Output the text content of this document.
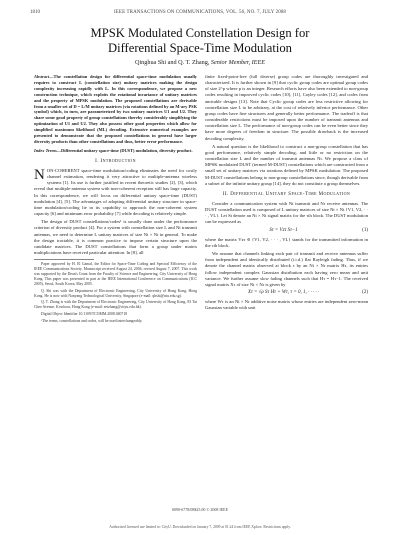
1810	IEEE TRANSACTIONS ON COMMUNICATIONS, VOL. 56, NO. 7, JULY 2008
MPSK Modulated Constellation Design for
Differential Space-Time Modulation
Qinghua Shi and Q. T. Zhang, Senior Member, IEEE
Abstract—The constellation design for differential space-time modulation usually requires to construct L (constellation size) unitary matrices making the design complexity increasing rapidly with L. In this correspondence, we propose a new construction technique, which exploits the rotational invariance of unitary matrices and the property of MPSK modulation. The proposed constellations are derivable from a smaller set of D = L/M unitary matrices (via rotations defined by an M-ary PSK symbol) which, in turn, are parameterized by two unitary matrices U1 and U2. They share some good property of group constellations thereby considerably simplifying the optimization of U1 and U2. They also possess other good properties which allow for simplified maximum likelihood (ML) decoding. Extensive numerical examples are presented to demonstrate that the proposed constellations in general have larger diversity products than other constellations and thus, better error performance.
Index Terms—Differential unitary space-time (DUST) modulation, diversity product.
I. Introduction

NON-COHERENT space-time modulation/coding eliminates the need for costly channel estimation, rendering it very attractive to multiple-antenna wireless systems [1]. Its use is further justified in recent theoretic studies [2], [3], which reveal that multiple-antenna system with non-coherent reception still has large capacity. In this correspondence, we will focus on differential unitary space-time (DUST) modulation [4], [5]. The advantages of adopting differential unitary structure in space-time modulation/coding lie in its capability to approach the non-coherent system capacity [6] and minimum error probability [7] while decoding is relatively simple.

The design of DUST constellations/codes¹ is usually done under the performance criterion of diversity product [4]. For a system with constellation size L and Nt transmit antennas, we need to determine L unitary matrices of size Nt × Nt in general. To make the design tractable, it is common practice to impose certain structure upon the candidate matrices. The DUST constellations that form a group under matrix multiplications have received particular attention. In [8], all

Paper approved by H. El Gamal, the Editor for Space-Time Coding and Spectral Efficiency of the IEEE Communications Society. Manuscript received August 24, 2004; revised August 7, 2007. This work was supported by the Dean's Grant from the Faculty of Science and Engineering, City University of Hong Kong. This paper was presented in part at the IEEE International Conference on Communications (ICC 2005), Seoul, South Korea, May 2005.

Q. Shi was with the Department of Electronic Engineering, City University of Hong Kong, Hong Kong. He is now with Nanyang Technological University, Singapore (e-mail: qhshi@ntu.edu.sg).

Q. T. Zhang is with the Department of Electronic Engineering, City University of Hong Kong, 83 Tat Chee Avenue, Kowloon, Hong Kong (e-mail: eetzhang@cityu.edu.hk).

Digital Object Identifier 10.1109/TCOMM.2008.040718

¹The terms, constellations and codes, will be used interchangeably.

finite fixed-point-free (full diverse) group codes are thoroughly investigated and characterized. It is further shown in [9] that cyclic group codes are optimal group codes of size 2^p where p is an integer. Research efforts have also been extended to non-group codes resulting in improved cyclic codes [10], [11], Cayley codes [12], and codes from amicable designs [13]. Note that Cyclic group codes are less restrictive allowing for constellation size L to be arbitrary, at the cost of relatively inferior performance. Other group codes have fine structures and generally better performance. The tradeoff is that considerable restrictions must be imposed upon the number of transmit antennas and constellation size L. The performance of non-group codes can be even better since they have more degrees of freedom in structure. The possible drawback is the increased decoding complexity.

A natural question is the likelihood to construct a non-group constellation that has good performance, relatively simple decoding, and little or no restriction on the constellation size L and the number of transmit antennas Nt. We propose a class of MPSK modulated DUST (termed M-DUST) constellations which are constructed from a small set of unitary matrices via rotations defined by MPSK modulation. The proposed M-DUST constellations belong to non-group constellations since, though derivable from a subset of the infinite unitary group [14], they do not constitute a group themselves.

II. Differential Unitary Space-Time Modulation

Consider a communication system with Nt transmit and Nr receive antennas. The DUST constellation used is composed of L unitary matrices of size Nt × Nt {V1, V2, · · · , VL}. Let St denote an Nt × Nt signal matrix for the τth block. The DUST modulation can be expressed as

Sτ = Vzτ Sτ−1	(1)

where the matrix Vzτ ∈ {V1, V2, · · · , VL} stands for the transmitted information in the τth block.

We assume that channels linking each pair of transmit and receive antennas suffer from independent and identically distributed (i.i.d.) flat Rayleigh fading. Thus, if we denote the channel matrix observed at block τ by an Nt × Nr matrix Hτ, its entries follow independent complex Gaussian distribution each having zero mean and unit variance. We further assume slow fading channels such that Hτ = Hτ−1. The received signal matrix Xτ of size Nt × Nr is given by

Xτ = √ρ Sτ Hτ + Wτ, τ = 0, 1, · · · · ·	(2)

where Wτ is an Nt × Nr additive noise matrix whose entries are independent zero-mean Gaussian variable with unit

0090-6778/08$25.00 © 2008 IEEE
Authorized licensed use limited to: CityU. Downloaded on January 7, 2009 at 01:24 from IEEE Xplore. Restrictions apply.
